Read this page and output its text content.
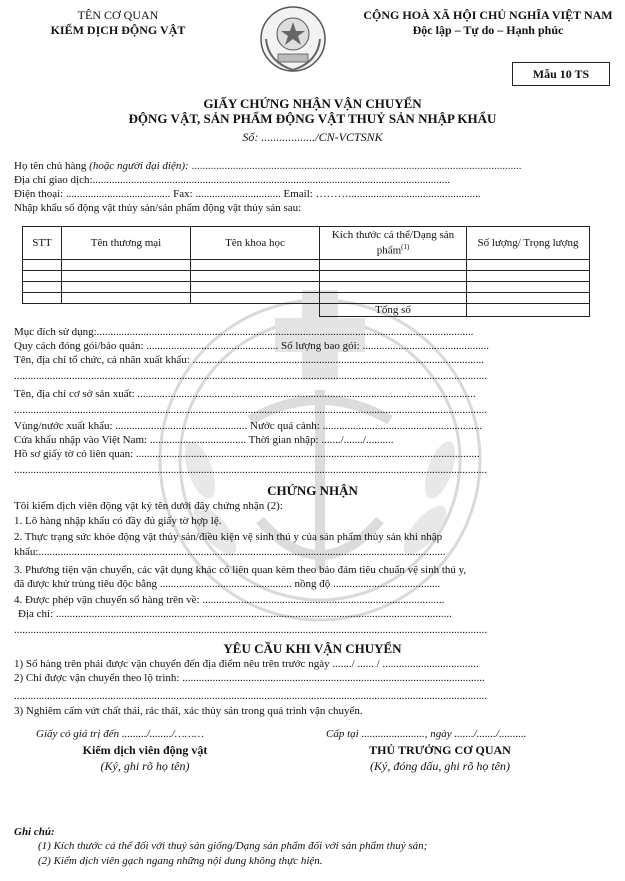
TÊN CƠ QUAN
KIỂM DỊCH ĐỘNG VẬT
CỘNG HOÀ XÃ HỘI CHỦ NGHĨA VIỆT NAM
Độc lập – Tự do – Hạnh phúc
Mẫu 10 TS
GIẤY CHỨNG NHẬN VẬN CHUYỂN
ĐỘNG VẬT, SẢN PHẨM ĐỘNG VẬT THUỶ SẢN NHẬP KHẨU
Số: ................../CN-VCTSNK
Họ tên chủ hàng (hoặc người đại diện): ........................................................................................................................
Địa chỉ giao dịch:..................................................................................................................................
Điện thoại: ...................................... Fax: ............................... Email: ………................................................
Nhập khẩu số động vật thủy sản/sản phẩm động vật thủy sản sau:
STT	Tên thương mại	Tên khoa học	Kích thước cá thể/Dạng sản phẩm$^{(1)}$	Số lượng/ Trọng lượng

			Tổng số	
Mục đích sử dụng:.........................................................................................................................................
Quy cách đóng gói/bảo quản: ................................................ Số lượng bao gói: ..............................................
Tên, địa chỉ tổ chức, cá nhân xuất khẩu: ..........................................................................................................
............................................................................................................................................................................
Tên, địa chỉ cơ sở sản xuất: ...........................................................................................................................
............................................................................................................................................................................
Vùng/nước xuất khẩu: ................................................ Nước quá cảnh: ..........................................................
Cửa khẩu nhập vào Việt Nam: ................................... Thời gian nhập: ......./......./..........
Hồ sơ giấy tờ có liên quan: .............................................................................................................................
............................................................................................................................................................................
CHỨNG NHẬN
Tôi kiểm dịch viên động vật ký tên dưới đây chứng nhận (2):
1. Lô hàng nhập khẩu có đầy đủ giấy tờ hợp lệ.
2. Thực trạng sức khỏe động vật thủy sản/điều kiện vệ sinh thú y của sản phẩm thủy sản khi nhập
khẩu:....................................................................................................................................................
3. Phương tiện vận chuyển, các vật dụng khác có liên quan kèm theo bảo đảm tiêu chuẩn vệ sinh thú y,
đã được khử trùng tiêu độc bằng ................................................ nồng độ .......................................
4. Được phép vận chuyển số hàng trên về: ........................................................................................
Địa chỉ: ................................................................................................................................................
............................................................................................................................................................................
YÊU CẦU KHI VẬN CHUYỂN
1) Số hàng trên phải được vận chuyển đến địa điểm nêu trên trước ngày ......./ ...... / ...................................
2) Chỉ được vận chuyển theo lộ trình: ..............................................................................................................
............................................................................................................................................................................
3) Nghiêm cấm vứt chất thải, rác thải, xác thủy sản trong quá trình vận chuyển.
Giấy có giá trị đến ........./......../………	Cấp tại ......................., ngày ......./......./..........
Kiểm dịch viên động vật
(Ký, ghi rõ họ tên)
THỦ TRƯỞNG CƠ QUAN
(Ký, đóng dấu, ghi rõ họ tên)
Ghi chú:
(1) Kích thước cá thể đối với thuỷ sản giống/Dạng sản phẩm đối với sản phẩm thuỷ sản;
(2) Kiểm dịch viên gạch ngang những nội dung không thực hiện.
